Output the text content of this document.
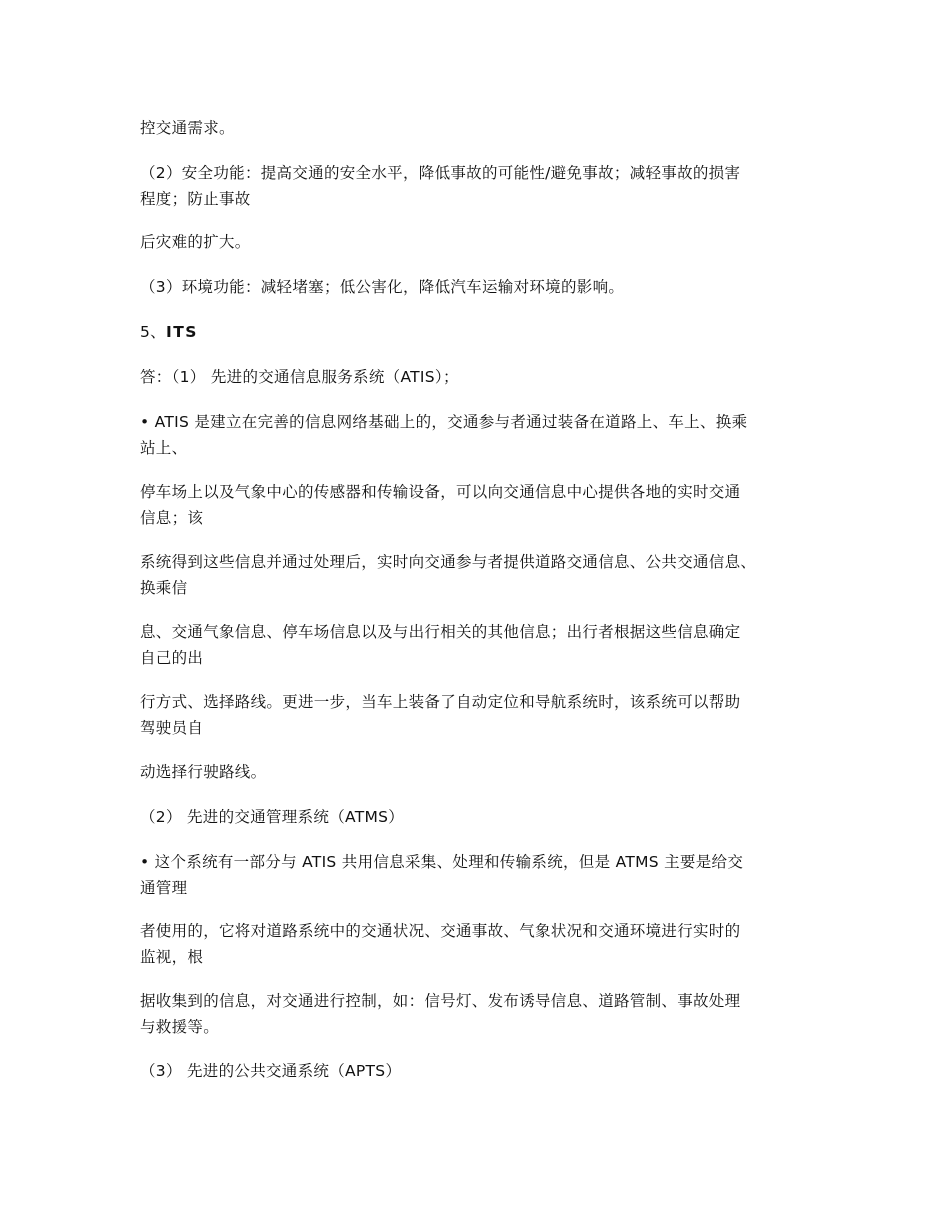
控交通需求。

（2）安全功能：提高交通的安全水平，降低事故的可能性/避免事故；减轻事故的损害
程度；防止事故

后灾难的扩大。

（3）环境功能：减轻堵塞；低公害化，降低汽车运输对环境的影响。

5、ITS

答：（1） 先进的交通信息服务系统（ATIS）；

• ATIS 是建立在完善的信息网络基础上的，交通参与者通过装备在道路上、车上、换乘
站上、

停车场上以及气象中心的传感器和传输设备，可以向交通信息中心提供各地的实时交通
信息；该

系统得到这些信息并通过处理后，实时向交通参与者提供道路交通信息、公共交通信息、
换乘信

息、交通气象信息、停车场信息以及与出行相关的其他信息；出行者根据这些信息确定
自己的出

行方式、选择路线。更进一步，当车上装备了自动定位和导航系统时，该系统可以帮助
驾驶员自

动选择行驶路线。

（2） 先进的交通管理系统（ATMS）

• 这个系统有一部分与 ATIS 共用信息采集、处理和传输系统，但是 ATMS 主要是给交
通管理

者使用的，它将对道路系统中的交通状况、交通事故、气象状况和交通环境进行实时的
监视，根

据收集到的信息，对交通进行控制，如：信号灯、发布诱导信息、道路管制、事故处理
与救援等。

（3） 先进的公共交通系统（APTS）
